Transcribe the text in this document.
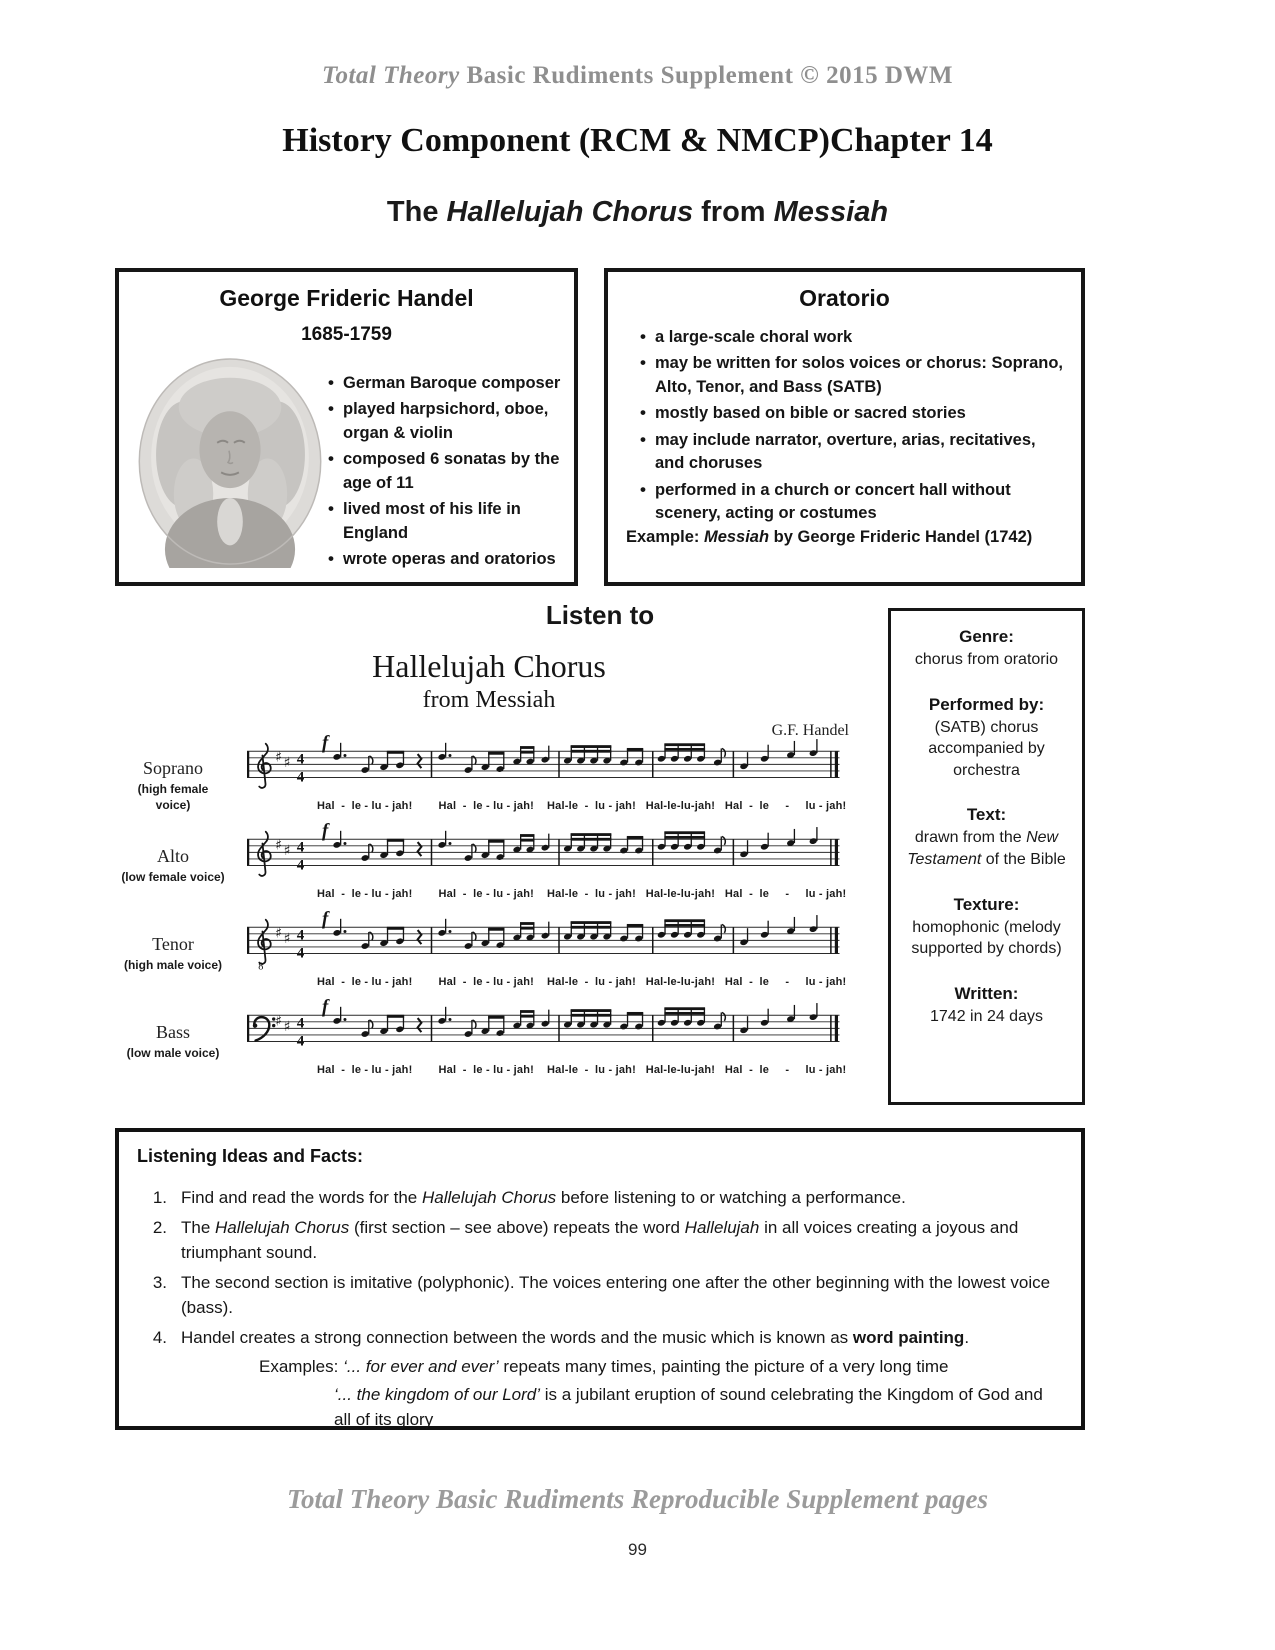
Total Theory Basic Rudiments Supplement © 2015 DWM
History Component (RCM & NMCP)Chapter 14
The Hallelujah Chorus from Messiah
George Frideric Handel
1685-1759
• German Baroque composer
• played harpsichord, oboe, organ & violin
• composed 6 sonatas by the age of 11
• lived most of his life in England
• wrote operas and oratorios
Oratorio
• a large-scale choral work
• may be written for solos voices or chorus: Soprano, Alto, Tenor, and Bass (SATB)
• mostly based on bible or sacred stories
• may include narrator, overture, arias, recitatives, and choruses
• performed in a church or concert hall without scenery, acting or costumes
Example: Messiah by George Frideric Handel (1742)
Listen to
Hallelujah Chorus
from Messiah
G.F. Handel
Soprano
(high female voice)	Hal  -  le - lu - jah!        Hal  -  le - lu - jah!    Hal-le  -  lu - jah!   Hal-le-lu-jah!   Hal  -  le     -     lu - jah!
Alto
(low female voice)
Hal  -  le - lu - jah!        Hal  -  le - lu - jah!    Hal-le  -  lu - jah!   Hal-le-lu-jah!   Hal  -  le     -     lu - jah!
Tenor
(high male voice)	8
Hal  -  le - lu - jah!        Hal  -  le - lu - jah!    Hal-le  -  lu - jah!   Hal-le-lu-jah!   Hal  -  le     -     lu - jah!
Bass
(low male voice)
Hal  -  le - lu - jah!        Hal  -  le - lu - jah!    Hal-le  -  lu - jah!   Hal-le-lu-jah!   Hal  -  le     -     lu - jah!
Genre:
chorus from oratorio
Performed by:
(SATB) chorus accompanied by orchestra
Text:
drawn from the New Testament of the Bible
Texture:
homophonic (melody supported by chords)
Written:
1742 in 24 days
Listening Ideas and Facts:
1. Find and read the words for the Hallelujah Chorus before listening to or watching a performance.
2. The Hallelujah Chorus (first section – see above) repeats the word Hallelujah in all voices creating a joyous and triumphant sound.
3. The second section is imitative (polyphonic). The voices entering one after the other beginning with the lowest voice (bass).
4. Handel creates a strong connection between the words and the music which is known as word painting.
Examples: ‘... for ever and ever’ repeats many times, painting the picture of a very long time
‘... the kingdom of our Lord’ is a jubilant eruption of sound celebrating the Kingdom of God and all of its glory
Total Theory Basic Rudiments Reproducible Supplement pages
99
